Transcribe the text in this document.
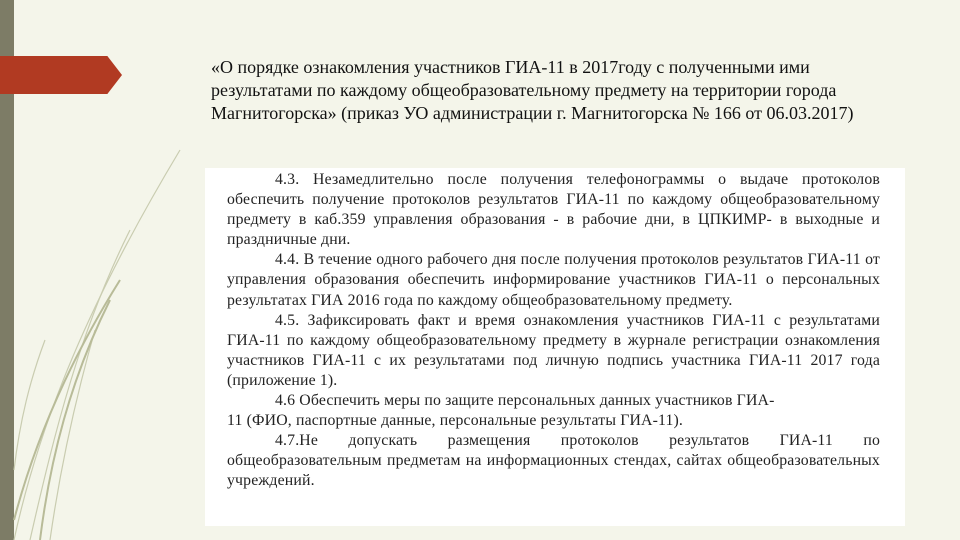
«О порядке ознакомления участников ГИА-11 в 2017году с полученными ими результатами по каждому общеобразовательному предмету на территории города Магнитогорска» (приказ УО администрации г. Магнитогорска № 166 от 06.03.2017)

4.3. Незамедлительно после получения телефонограммы о выдаче протоколов обеспечить получение протоколов результатов ГИА-11 по каждому общеобразовательному предмету в каб.359 управления образования - в рабочие дни, в ЦПКИМР- в выходные и праздничные дни.

4.4. В течение одного рабочего дня после получения протоколов результатов ГИА-11 от управления образования обеспечить информирование участников ГИА-11 о персональных результатах ГИА 2016 года по каждому общеобразовательному предмету.

4.5. Зафиксировать факт и время ознакомления участников ГИА-11 с результатами ГИА-11 по каждому общеобразовательному предмету в журнале регистрации ознакомления участников ГИА-11 с их результатами под личную подпись участника ГИА-11 2017 года (приложение 1).

4.6 Обеспечить меры по защите персональных данных участников ГИА-

11 (ФИО, паспортные данные, персональные результаты ГИА-11).

4.7.Не допускать размещения протоколов результатов ГИА-11 по общеобразовательным предметам на информационных стендах, сайтах общеобразовательных учреждений.
